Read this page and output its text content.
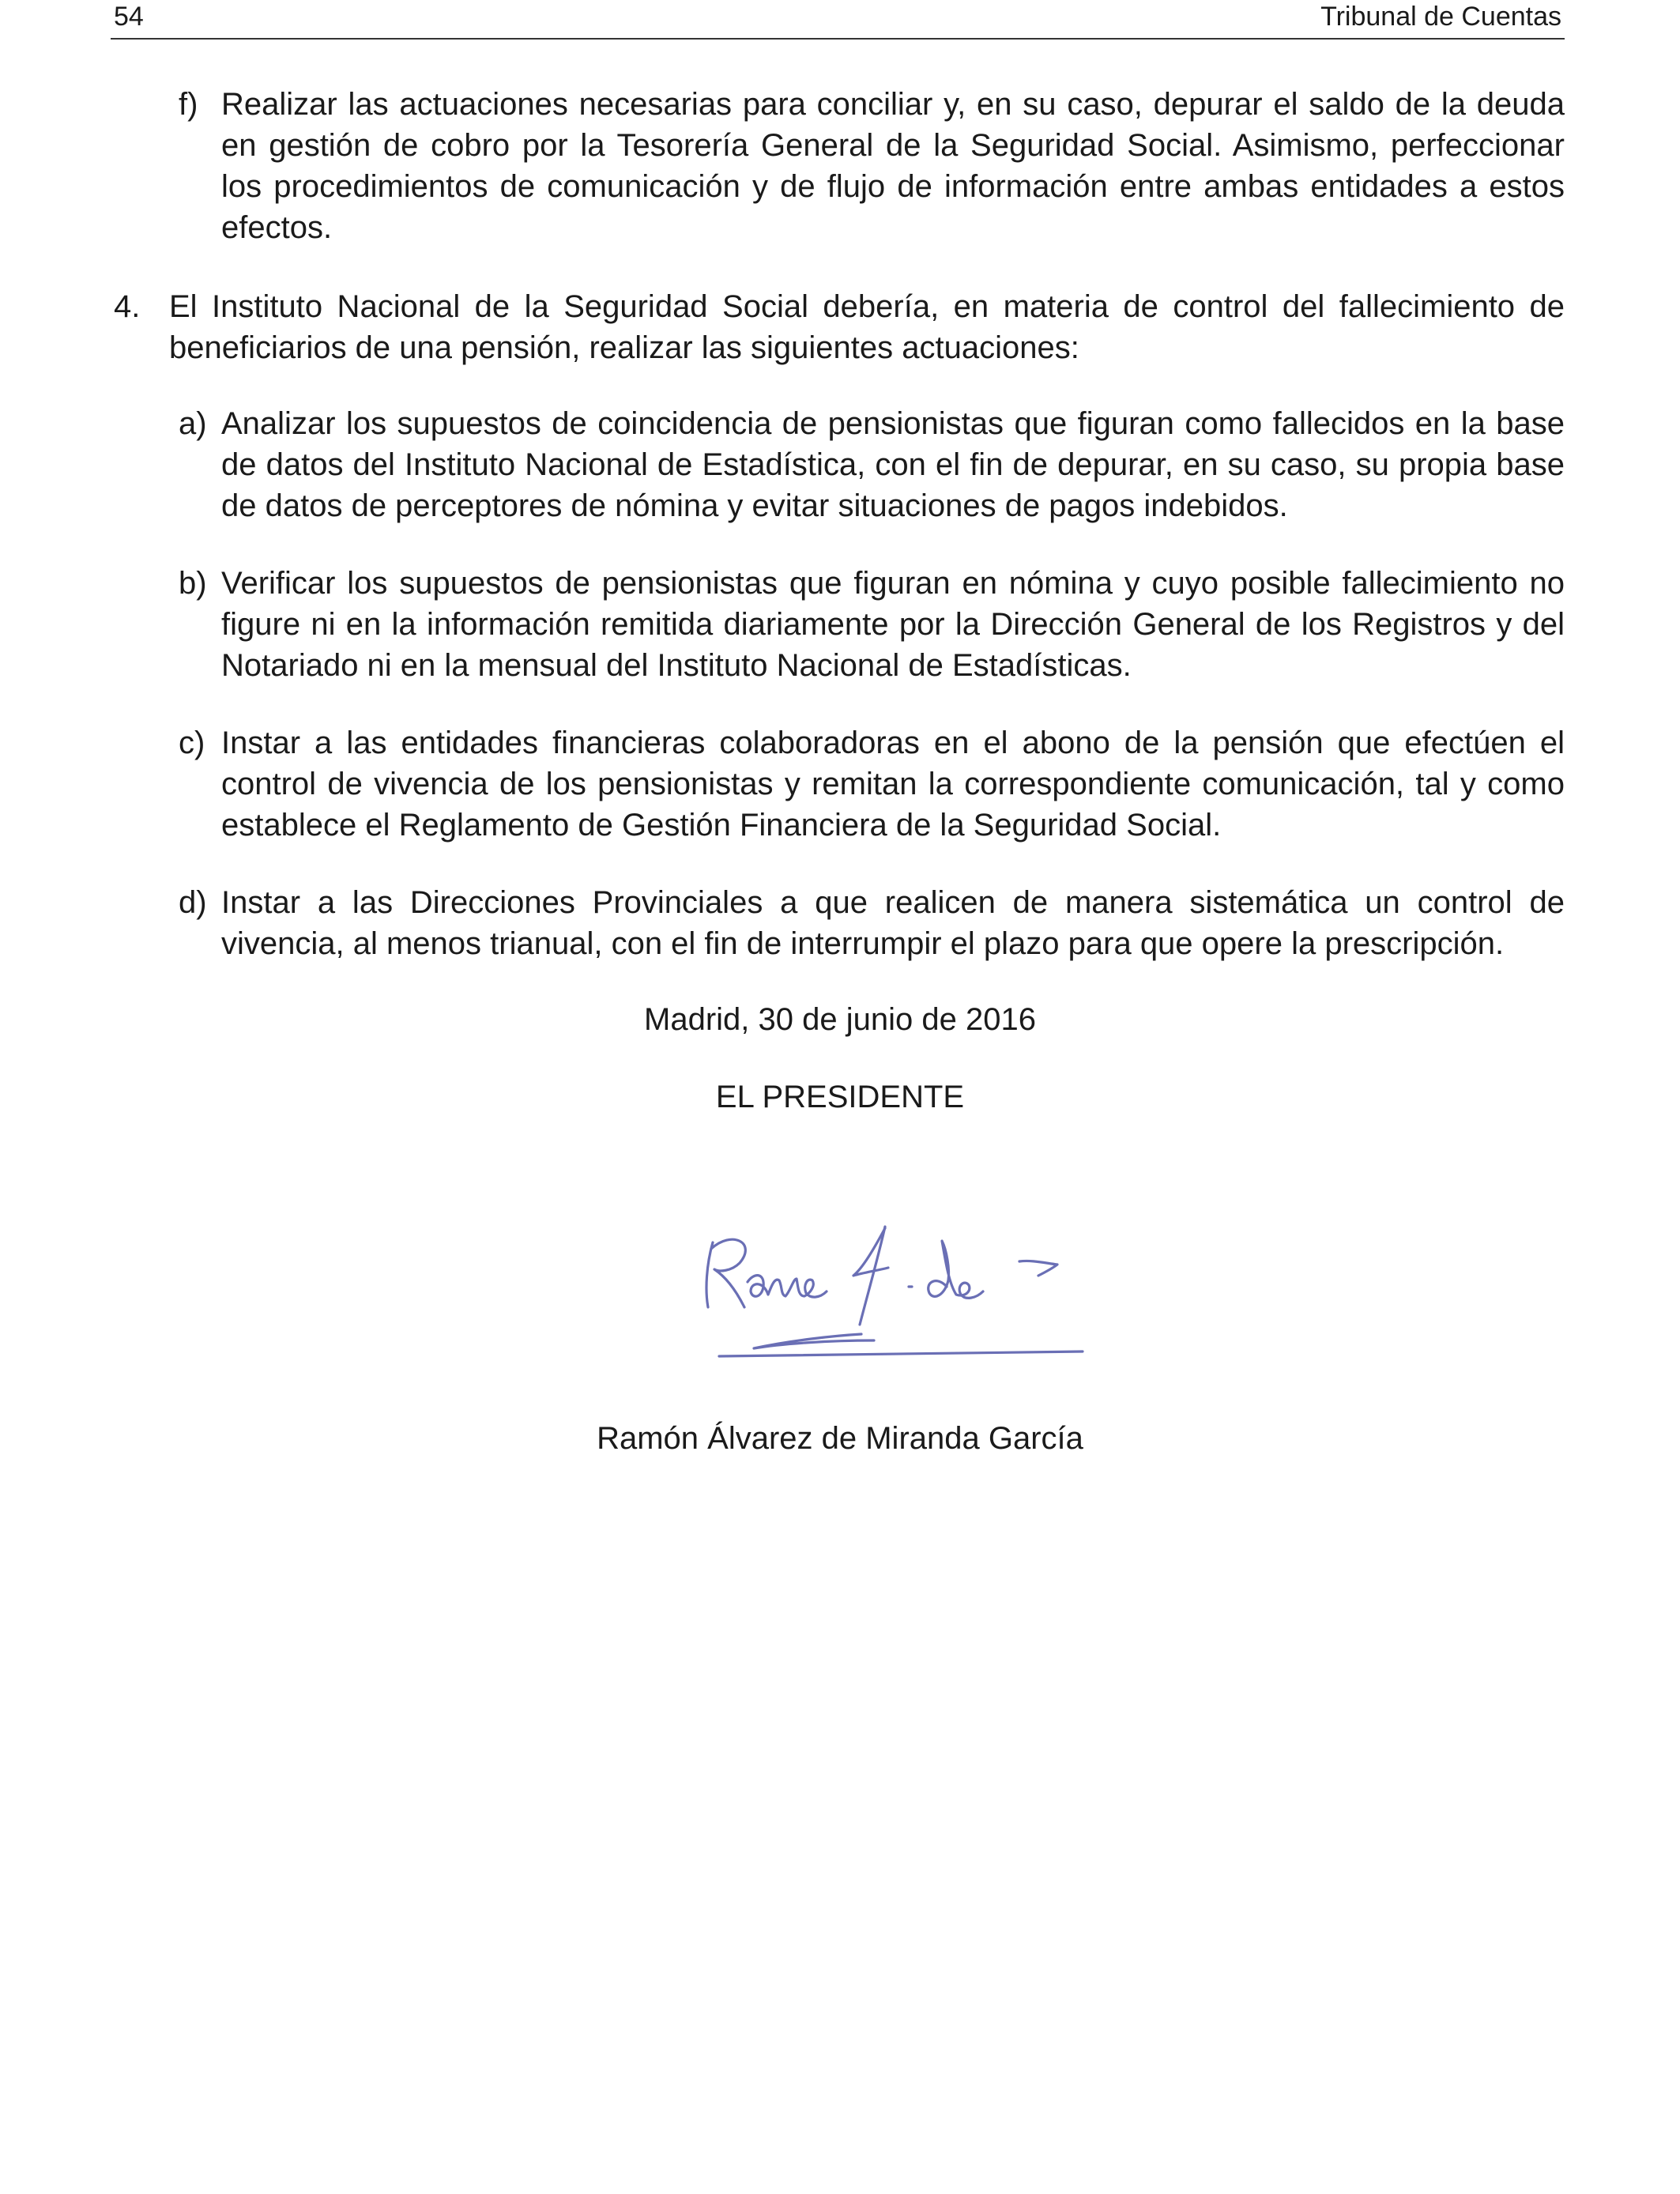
54	Tribunal de Cuentas
f) Realizar las actuaciones necesarias para conciliar y, en su caso, depurar el saldo de la deuda en gestión de cobro por la Tesorería General de la Seguridad Social. Asimismo, perfeccionar los procedimientos de comunicación y de flujo de información entre ambas entidades a estos efectos.
4. El Instituto Nacional de la Seguridad Social debería, en materia de control del fallecimiento de beneficiarios de una pensión, realizar las siguientes actuaciones:
a) Analizar los supuestos de coincidencia de pensionistas que figuran como fallecidos en la base de datos del Instituto Nacional de Estadística, con el fin de depurar, en su caso, su propia base de datos de perceptores de nómina y evitar situaciones de pagos indebidos.
b) Verificar los supuestos de pensionistas que figuran en nómina y cuyo posible fallecimiento no figure ni en la información remitida diariamente por la Dirección General de los Registros y del Notariado ni en la mensual del Instituto Nacional de Estadísticas.
c) Instar a las entidades financieras colaboradoras en el abono de la pensión que efectúen el control de vivencia de los pensionistas y remitan la correspondiente comunicación, tal y como establece el Reglamento de Gestión Financiera de la Seguridad Social.
d) Instar a las Direcciones Provinciales a que realicen de manera sistemática un control de vivencia, al menos trianual, con el fin de interrumpir el plazo para que opere la prescripción.
Madrid, 30 de junio de 2016
EL PRESIDENTE
Ramón Álvarez de Miranda García
